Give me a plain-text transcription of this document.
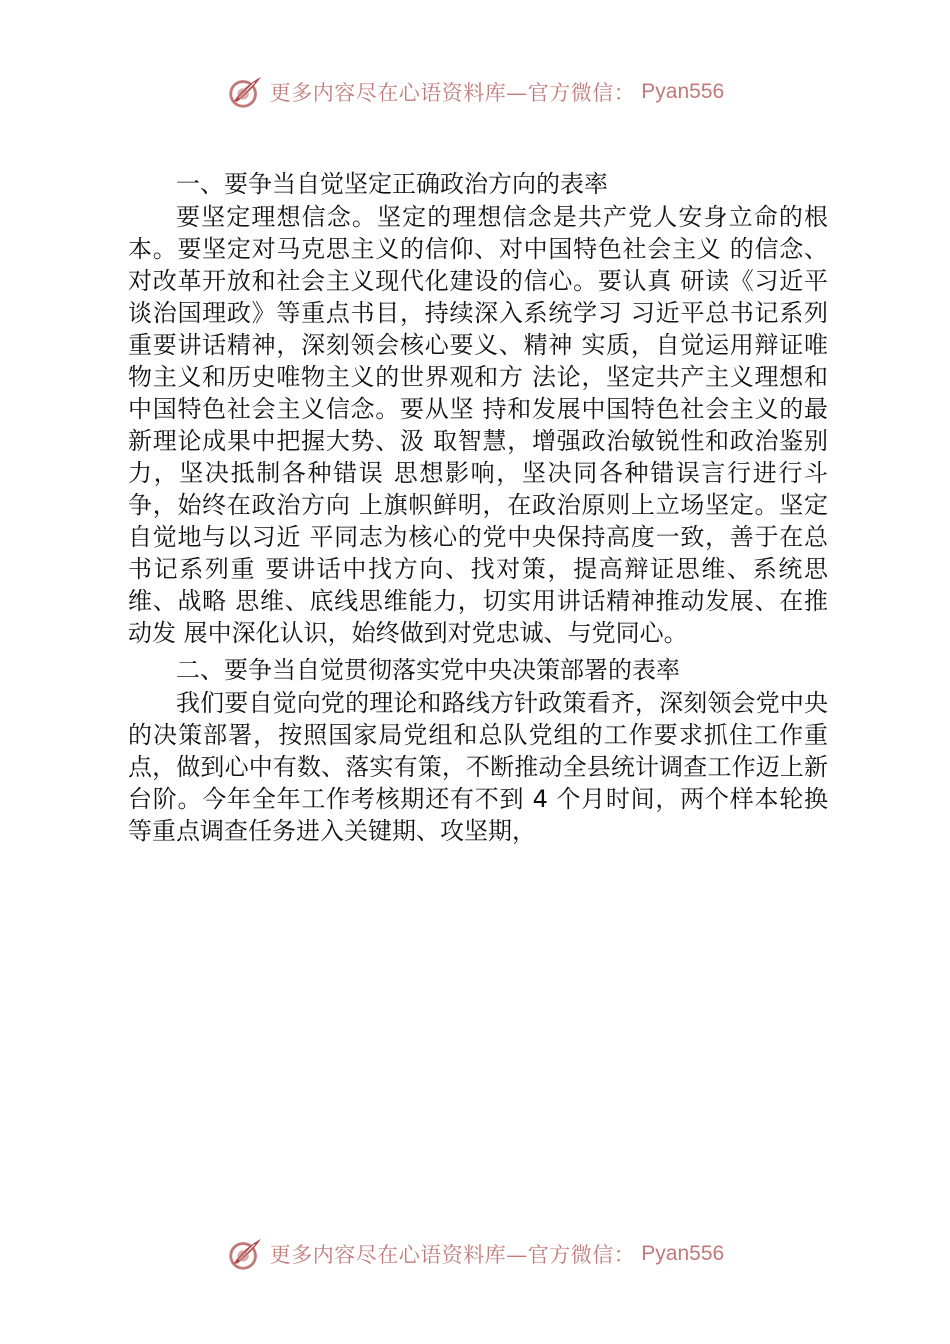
更多内容尽在心语资料库—官方微信： Pyan556

一、要争当自觉坚定正确政治方向的表率

要坚定理想信念。坚定的理想信念是共产党人安身立命的根本。要坚定对马克思主义的信仰、对中国特色社会主义 的信念、对改革开放和社会主义现代化建设的信心。要认真 研读《习近平谈治国理政》等重点书目，持续深入系统学习 习近平总书记系列重要讲话精神，深刻领会核心要义、精神 实质，自觉运用辩证唯物主义和历史唯物主义的世界观和方 法论，坚定共产主义理想和中国特色社会主义信念。要从坚 持和发展中国特色社会主义的最新理论成果中把握大势、汲 取智慧，增强政治敏锐性和政治鉴别力，坚决抵制各种错误 思想影响，坚决同各种错误言行进行斗争，始终在政治方向 上旗帜鲜明，在政治原则上立场坚定。坚定自觉地与以习近 平同志为核心的党中央保持高度一致，善于在总书记系列重 要讲话中找方向、找对策，提高辩证思维、系统思维、战略 思维、底线思维能力，切实用讲话精神推动发展、在推动发 展中深化认识，始终做到对党忠诚、与党同心。

二、要争当自觉贯彻落实党中央决策部署的表率

我们要自觉向党的理论和路线方针政策看齐，深刻领会党中央的决策部署，按照国家局党组和总队党组的工作要求抓住工作重点，做到心中有数、落实有策，不断推动全县统计调查工作迈上新台阶。今年全年工作考核期还有不到 4 个月时间，两个样本轮换等重点调查任务进入关键期、攻坚期，

更多内容尽在心语资料库—官方微信： Pyan556
